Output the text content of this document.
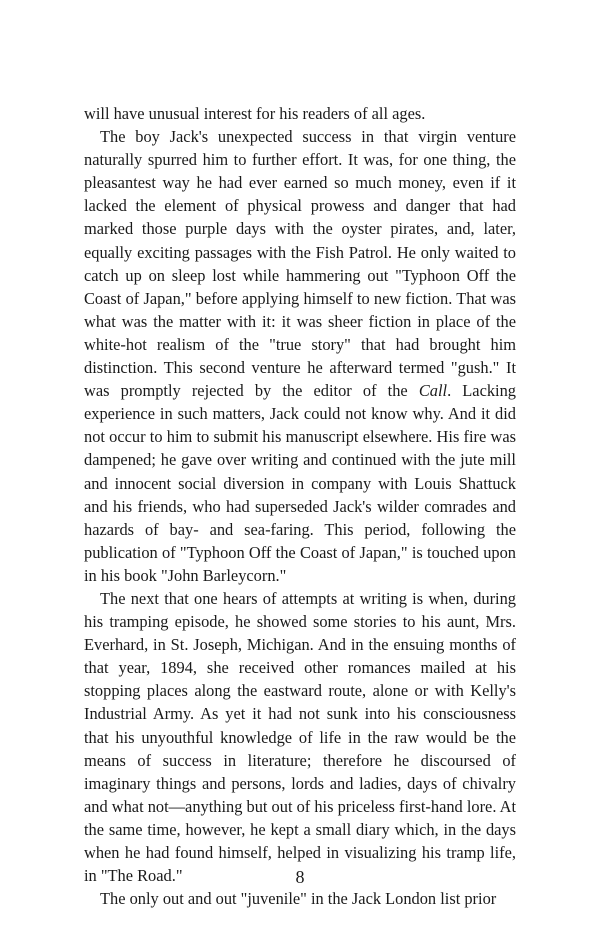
will have unusual interest for his readers of all ages.

The boy Jack's unexpected success in that virgin venture naturally spurred him to further effort. It was, for one thing, the pleasantest way he had ever earned so much money, even if it lacked the element of physical prowess and danger that had marked those purple days with the oyster pirates, and, later, equally exciting passages with the Fish Patrol. He only waited to catch up on sleep lost while hammering out "Typhoon Off the Coast of Japan," before applying himself to new fiction. That was what was the matter with it: it was sheer fiction in place of the white-hot realism of the "true story" that had brought him distinction. This second venture he afterward termed "gush." It was promptly rejected by the editor of the Call. Lacking experience in such matters, Jack could not know why. And it did not occur to him to submit his manuscript elsewhere. His fire was dampened; he gave over writing and continued with the jute mill and innocent social diversion in company with Louis Shattuck and his friends, who had superseded Jack's wilder comrades and hazards of bay- and sea-faring. This period, following the publication of "Typhoon Off the Coast of Japan," is touched upon in his book "John Barleycorn."

The next that one hears of attempts at writing is when, during his tramping episode, he showed some stories to his aunt, Mrs. Everhard, in St. Joseph, Michigan. And in the ensuing months of that year, 1894, she received other romances mailed at his stopping places along the eastward route, alone or with Kelly's Industrial Army. As yet it had not sunk into his consciousness that his unyouthful knowledge of life in the raw would be the means of success in literature; therefore he discoursed of imaginary things and persons, lords and ladies, days of chivalry and what not—anything but out of his priceless first-hand lore. At the same time, however, he kept a small diary which, in the days when he had found himself, helped in visualizing his tramp life, in "The Road."

The only out and out "juvenile" in the Jack London list prior

8
